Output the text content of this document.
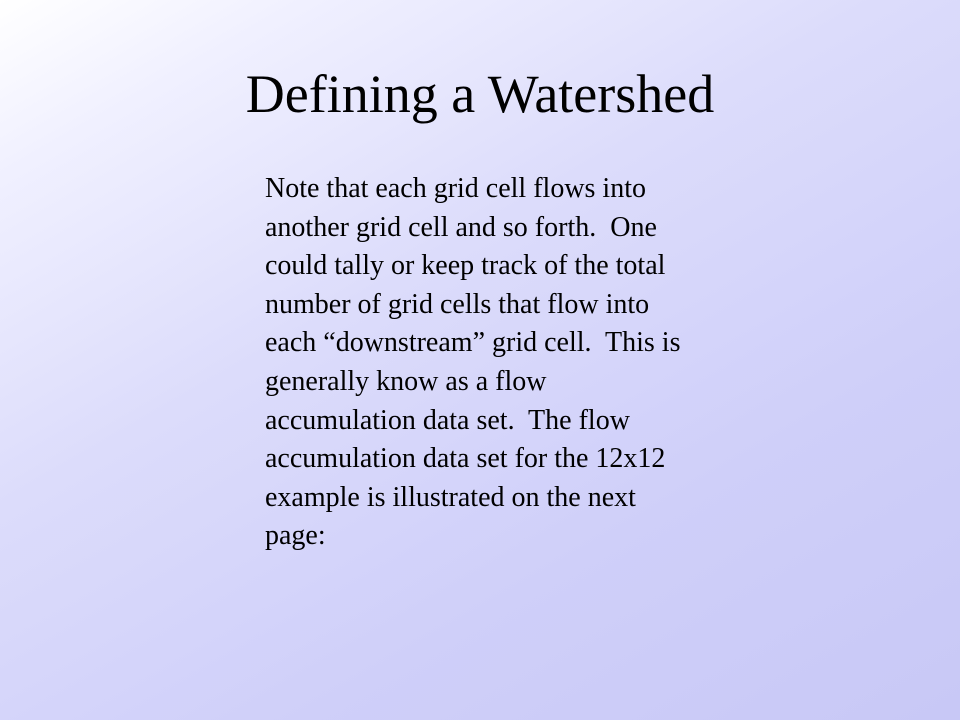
Defining a Watershed
Note that each grid cell flows into
another grid cell and so forth.  One
could tally or keep track of the total
number of grid cells that flow into
each “downstream” grid cell.  This is
generally know as a flow
accumulation data set.  The flow
accumulation data set for the 12x12
example is illustrated on the next
page:
